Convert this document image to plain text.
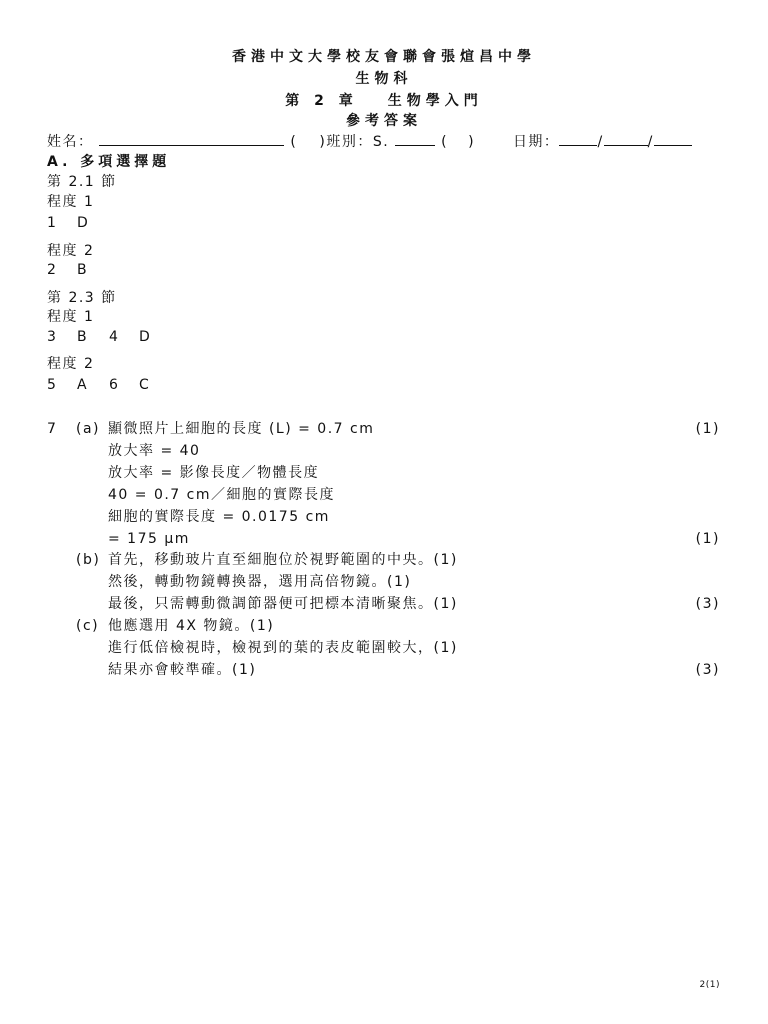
香港中文大學校友會聯會張煊昌中學
生物科
第 2 章 生物學入門
參考答案
姓名：	( )班別：S.	( )	日期：	/	/
A. 多項選擇題
第 2.1 節
程度 1
1 D
程度 2
2 B
第 2.3 節
程度 1
3 B 4 D
程度 2
5 A 6 C
7 (a) 顯微照片上細胞的長度 (L) = 0.7 cm	(1)
放大率 = 40
放大率 = 影像長度／物體長度
40 = 0.7 cm／細胞的實際長度
細胞的實際長度 = 0.0175 cm
= 175 μm	(1)
(b) 首先，移動玻片直至細胞位於視野範圍的中央。(1)
然後，轉動物鏡轉換器，選用高倍物鏡。(1)
最後，只需轉動微調節器便可把標本清晰聚焦。(1)	(3)
(c) 他應選用 4X 物鏡。(1)
進行低倍檢視時，檢視到的葉的表皮範圍較大，(1)
結果亦會較準確。(1)	(3)
2(1)
